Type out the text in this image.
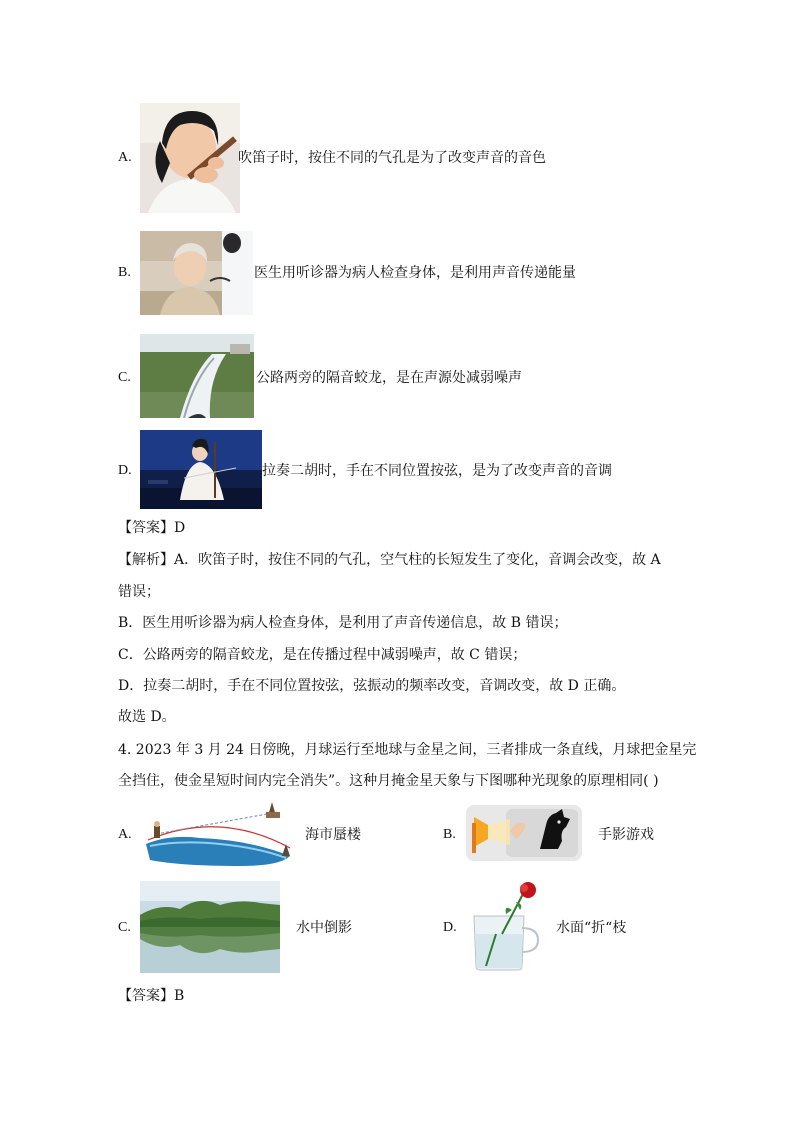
A.	吹笛子时，按住不同的气孔是为了改变声音的音色
B.	医生用听诊器为病人检查身体，是利用声音传递能量
C.	公路两旁的隔音蛟龙，是在声源处减弱噪声
D.	拉奏二胡时，手在不同位置按弦，是为了改变声音的音调
【答案】D
【解析】A．吹笛子时，按住不同的气孔，空气柱的长短发生了变化，音调会改变，故 A
错误；
B．医生用听诊器为病人检查身体，是利用了声音传递信息，故 B 错误；
C．公路两旁的隔音蛟龙，是在传播过程中减弱噪声，故 C 错误；
D．拉奏二胡时，手在不同位置按弦，弦振动的频率改变，音调改变，故 D 正确。
故选 D。
4. 2023 年 3 月 24 日傍晚，月球运行至地球与金星之间，三者排成一条直线，月球把金星完
全挡住，使金星短时间内完全消失”。这种月掩金星天象与下图哪种光现象的原理相同( )
A.	海市蜃楼	B.	手影游戏
C.	水中倒影	D.	水面“折“枝
【答案】B
